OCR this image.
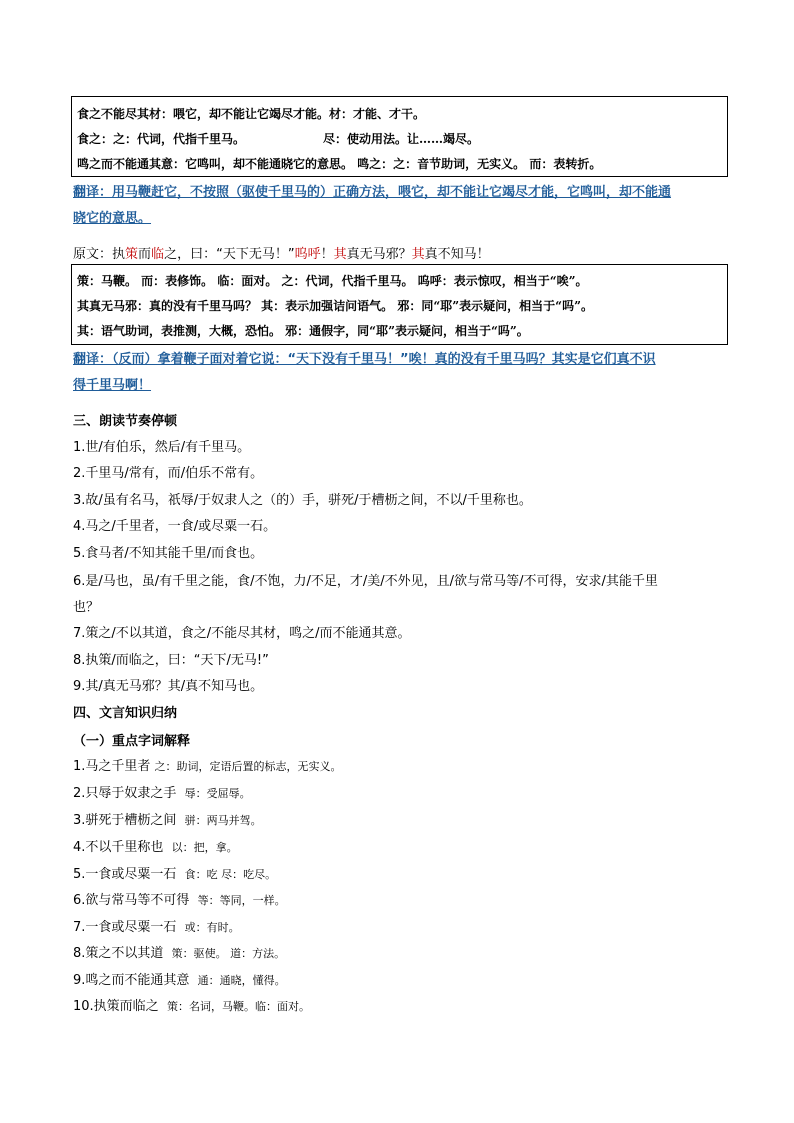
食之不能尽其材：喂它，却不能让它竭尽才能。材：才能、才干。
食之：之：代词，代指千里马。	尽：使动用法。让……竭尽。
鸣之而不能通其意：它鸣叫，却不能通晓它的意思。 鸣之：之：音节助词，无实义。 而：表转折。
翻译：用马鞭赶它，不按照（驱使千里马的）正确方法，喂它，却不能让它竭尽才能，它鸣叫，却不能通
晓它的意思。
原文：执策而临之，曰：“天下无马！”呜呼！其真无马邪？其真不知马！
策：马鞭。 而：表修饰。 临：面对。 之：代词，代指千里马。 呜呼：表示惊叹，相当于“唉”。
其真无马邪：真的没有千里马吗？ 其：表示加强诘问语气。 邪：同“耶”表示疑问，相当于“吗”。
其：语气助词，表推测，大概，恐怕。 邪：通假字，同“耶”表示疑问，相当于“吗”。
翻译：（反而）拿着鞭子面对着它说：“天下没有千里马！”唉！真的没有千里马吗？其实是它们真不识
得千里马啊！
三、朗读节奏停顿
1.世/有伯乐，然后/有千里马。
2.千里马/常有，而/伯乐不常有。
3.故/虽有名马，祇辱/于奴隶人之（的）手，骈死/于槽枥之间，不以/千里称也。
4.马之/千里者，一食/或尽粟一石。
5.食马者/不知其能千里/而食也。
6.是/马也，虽/有千里之能，食/不饱，力/不足，才/美/不外见，且/欲与常马等/不可得，安求/其能千里
也？
7.策之/不以其道，食之/不能尽其材，鸣之/而不能通其意。
8.执策/而临之，曰：“天下/无马!”
9.其/真无马邪？其/真不知马也。
四、文言知识归纳
（一）重点字词解释
1.马之千里者 之：助词，定语后置的标志，无实义。
2.只辱于奴隶之手 辱：受屈辱。
3.骈死于槽枥之间 骈：两马并驾。
4.不以千里称也 以：把，拿。
5.一食或尽粟一石 食：吃 尽：吃尽。
6.欲与常马等不可得 等：等同，一样。
7.一食或尽粟一石 或：有时。
8.策之不以其道 策：驱使。 道：方法。
9.鸣之而不能通其意 通：通晓，懂得。
10.执策而临之 策：名词，马鞭。临：面对。
